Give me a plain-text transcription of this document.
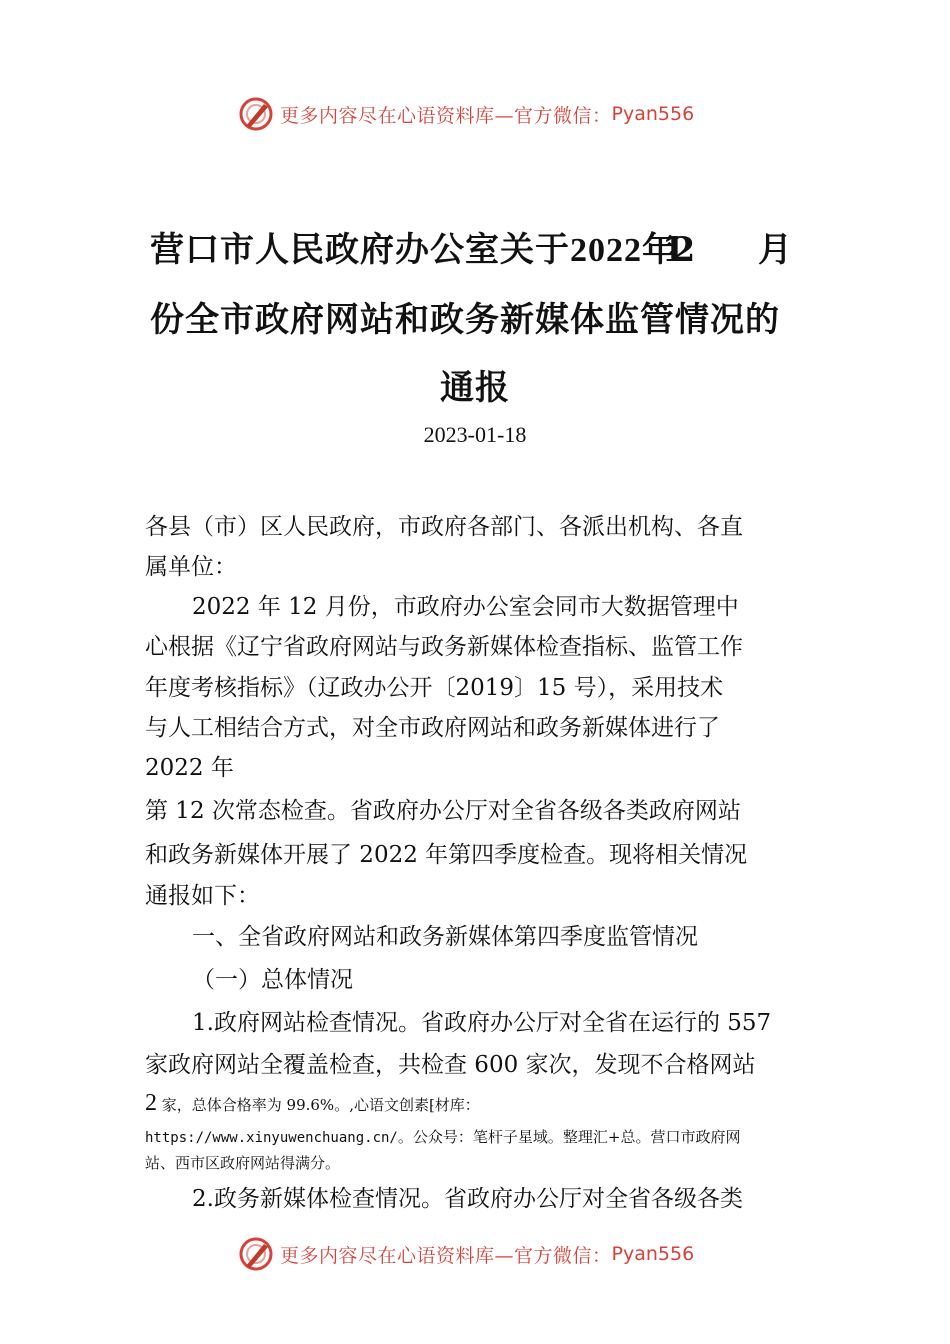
更多内容尽在心语资料库—官方微信： Pyan556
营口市人民政府办公室关于2022年12 月
份全市政府网站和政务新媒体监管情况的
通报
2023-01-18
各县（市）区人民政府，市政府各部门、各派出机构、各直
属单位：
2022 年 12 月份，市政府办公室会同市大数据管理中
心根据《辽宁省政府网站与政务新媒体检查指标、监管工作
年度考核指标》（辽政办公开〔2019〕15 号），采用技术
与人工相结合方式，对全市政府网站和政务新媒体进行了
2022 年
第 12 次常态检查。省政府办公厅对全省各级各类政府网站
和政务新媒体开展了 2022 年第四季度检查。现将相关情况
通报如下：
一、全省政府网站和政务新媒体第四季度监管情况
（一）总体情况
1.政府网站检查情况。省政府办公厅对全省在运行的 557
家政府网站全覆盖检查，共检查 600 家次，发现不合格网站
2 家，总体合格率为 99.6%。,心语文创素⁅材库：
https://www.xinyuwenchuang.cn/。公众号：笔杆子星域。整理汇+总。营口市政府网
站、西市区政府网站得满分。
2.政务新媒体检查情况。省政府办公厅对全省各级各类
更多内容尽在心语资料库—官方微信： Pyan556
